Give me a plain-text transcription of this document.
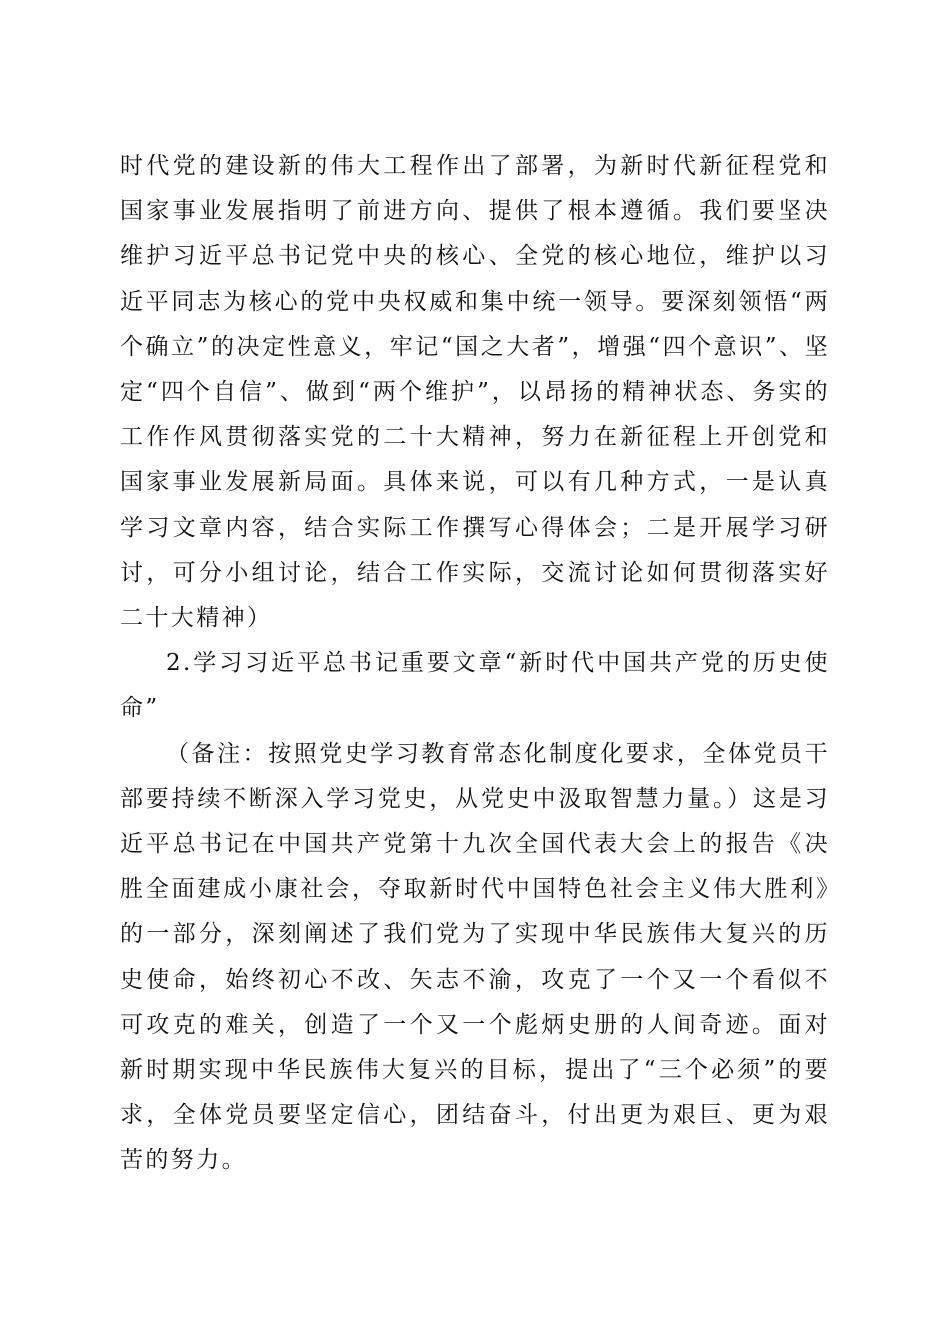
时代党的建设新的伟大工程作出了部署，为新时代新征程党和国家事业发展指明了前进方向、提供了根本遵循。我们要坚决维护习近平总书记党中央的核心、全党的核心地位，维护以习近平同志为核心的党中央权威和集中统一领导。要深刻领悟“两个确立”的决定性意义，牢记“国之大者”，增强“四个意识”、坚定“四个自信”、做到“两个维护”，以昂扬的精神状态、务实的工作作风贯彻落实党的二十大精神，努力在新征程上开创党和国家事业发展新局面。具体来说，可以有几种方式，一是认真学习文章内容，结合实际工作撰写心得体会；二是开展学习研讨，可分小组讨论，结合工作实际，交流讨论如何贯彻落实好二十大精神）

2.学习习近平总书记重要文章“新时代中国共产党的历史使命”

（备注：按照党史学习教育常态化制度化要求，全体党员干部要持续不断深入学习党史，从党史中汲取智慧力量。）这是习近平总书记在中国共产党第十九次全国代表大会上的报告《决胜全面建成小康社会，夺取新时代中国特色社会主义伟大胜利》的一部分，深刻阐述了我们党为了实现中华民族伟大复兴的历史使命，始终初心不改、矢志不渝，攻克了一个又一个看似不可攻克的难关，创造了一个又一个彪炳史册的人间奇迹。面对新时期实现中华民族伟大复兴的目标，提出了“三个必须”的要求，全体党员要坚定信心，团结奋斗，付出更为艰巨、更为艰苦的努力。
